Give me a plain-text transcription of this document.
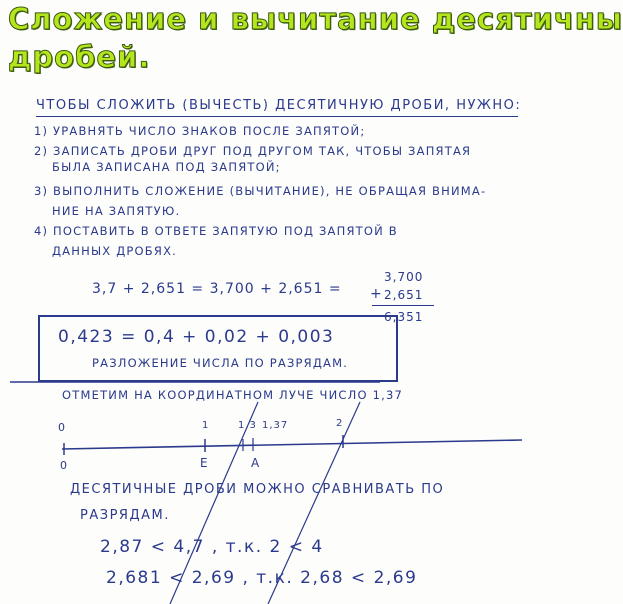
Сложение и вычитание десятичны
дробей.
ЧТОБЫ СЛОЖИТЬ (ВЫЧЕСТЬ) ДЕСЯТИЧНУЮ ДРОБИ, НУЖНО:
1) УРАВНЯТЬ ЧИСЛО ЗНАКОВ ПОСЛЕ ЗАПЯТОЙ;
2) ЗАПИСАТЬ ДРОБИ ДРУГ ПОД ДРУГОМ ТАК, ЧТОБЫ ЗАПЯТАЯ
БЫЛА ЗАПИСАНА ПОД ЗАПЯТОЙ;
3) ВЫПОЛНИТЬ СЛОЖЕНИЕ (ВЫЧИТАНИЕ), НЕ ОБРАЩАЯ ВНИМА-
НИЕ НА ЗАПЯТУЮ.
4) ПОСТАВИТЬ В ОТВЕТЕ ЗАПЯТУЮ ПОД ЗАПЯТОЙ В
ДАННЫХ ДРОБЯХ.
3,7 + 2,651 = 3,700 + 2,651 =
3,700
+ 2,651
6,351
0,423 = 0,4 + 0,02 + 0,003
РАЗЛОЖЕНИЕ ЧИСЛА ПО РАЗРЯДАМ.
ОТМЕТИМ НА КООРДИНАТНОМ ЛУЧЕ ЧИСЛО 1,37
0
0
1	1,3 1,37	2
E	A
ДЕСЯТИЧНЫЕ ДРОБИ МОЖНО СРАВНИВАТЬ ПО
РАЗРЯДАМ.
2,87 < 4,7 , т.к. 2 < 4
2,681 < 2,69 , т.к. 2,68 < 2,69
